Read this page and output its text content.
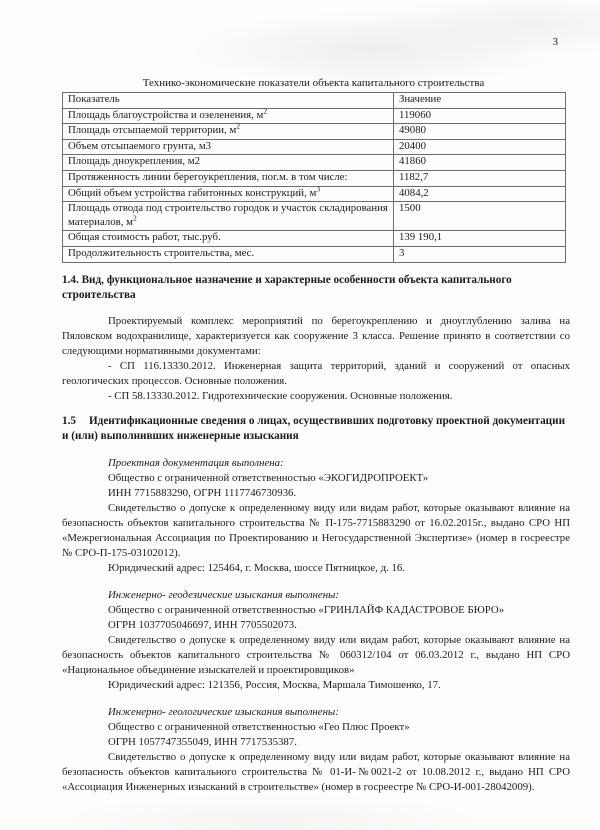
3
Технико-экономические показатели объекта капитального строительства
Показатель	Значение
Площадь благоустройства и озеленения, $м^2$	119060
Площадь отсыпаемой территории, $м^2$	49080
Объем отсыпаемого грунта, м3	20400
Площадь дноукрепления, м2	41860
Протяженность линии берегоукрепления, пог.м. в том числе:	1182,7
Общий объем устройства габитонных конструкций, $м^3$	4084,2
Площадь отвода под строительство городок и участок складирования материалов, $м^2$	1500
Общая стоимость работ, тыс.руб.	139 190,1
Продолжительность строительства, мес.	3
1.4. Вид, функциональное назначение и характерные особенности объекта капитального строительства

Проектируемый комплекс мероприятий по берегоукреплению и дноуглублению залива на Пяловском водохранилище, характеризуется как сооружение 3 класса. Решение принято в соответствии со следующими нормативными документами:

- СП 116.13330.2012. Инженерная защита территорий, зданий и сооружений от опасных геологических процессов. Основные положения.

- СП 58.13330.2012. Гидротехнические сооружения. Основные положения.

1.5 Идентификационные сведения о лицах, осуществивших подготовку проектной документации и (или) выполнивших инженерные изыскания

Проектная документация выполнена:

Общество с ограниченной ответственностью «ЭКОГИДРОПРОЕКТ»

ИНН 7715883290, ОГРН 1117746730936.

Свидетельство о допуске к определенному виду или видам работ, которые оказывают влияние на безопасность объектов капитального строительства № П-175-7715883290 от 16.02.2015г., выдано СРО НП «Межрегиональная Ассоциация по Проектированию и Негосударственной Экспертизе» (номер в госреестре № СРО-П-175-03102012).

Юридический адрес: 125464, г. Москва, шоссе Пятницкое, д. 16.

Инженерно- геодезические изыскания выполнены:

Общество с ограниченной ответственностью «ГРИНЛАЙФ КАДАСТРОВОЕ БЮРО»

ОГРН 1037705046697, ИНН 7705502073.

Свидетельство о допуске к определенному виду или видам работ, которые оказывают влияние на безопасность объектов капитального строительства № 060312/104 от 06.03.2012 г., выдано НП СРО «Национальное объединение изыскателей и проектировщиков»

Юридический адрес: 121356, Россия, Москва, Маршала Тимошенко, 17.

Инженерно- геологические изыскания выполнены:

Общество с ограниченной ответственностью «Гео Плюс Проект»

ОГРН 1057747355049, ИНН 7717535387.

Свидетельство о допуске к определенному виду или видам работ, которые оказывают влияние на безопасность объектов капитального строительства № 01-И-№0021-2 от 10.08.2012 г., выдано НП СРО «Ассоциация Инженерных изысканий в строительстве» (номер в госреестре № СРО-И-001-28042009).
